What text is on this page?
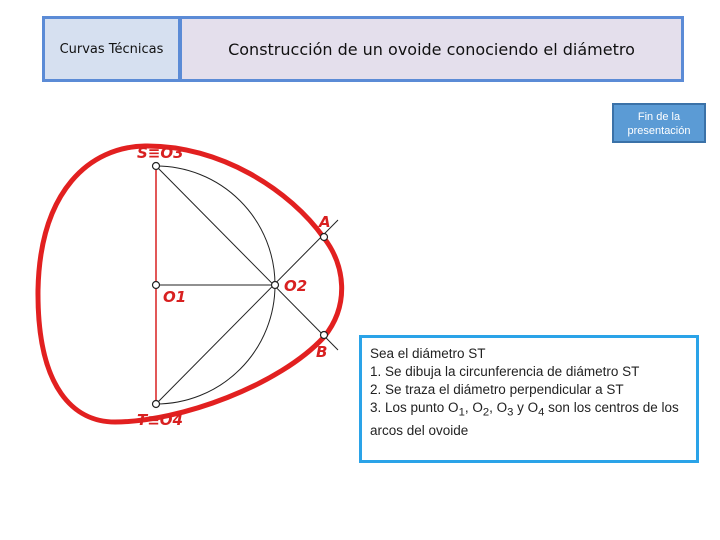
Curvas Técnicas	Construcción de un ovoide conociendo el diámetro
Fin de la
presentación
S≡O3
A
O1
O2
B
T≡O4

Sea el diámetro ST

1. Se dibuja la circunferencia de diámetro ST

2. Se traza el diámetro perpendicular a ST

3. Los punto $O_1$, $O_2$, $O_3$ y $O_4$ son los centros de los arcos del ovoide
